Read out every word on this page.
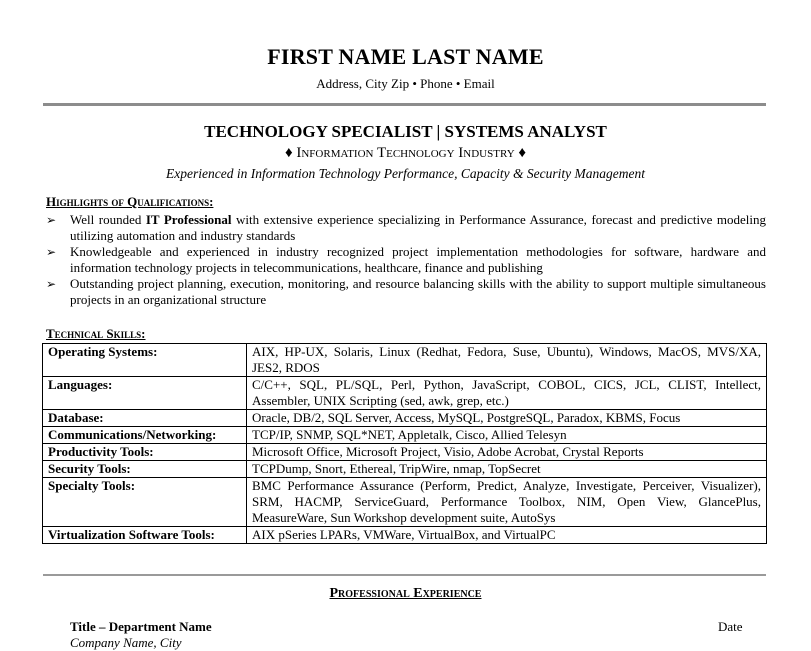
FIRST NAME LAST NAME
Address, City Zip • Phone • Email
TECHNOLOGY SPECIALIST | SYSTEMS ANALYST
♦ Information Technology Industry ♦
Experienced in Information Technology Performance, Capacity & Security Management
Highlights of Qualifications:
➢ Well rounded IT Professional with extensive experience specializing in Performance Assurance, forecast and predictive modeling utilizing automation and industry standards
➢ Knowledgeable and experienced in industry recognized project implementation methodologies for software, hardware and information technology projects in telecommunications, healthcare, finance and publishing
➢ Outstanding project planning, execution, monitoring, and resource balancing skills with the ability to support multiple simultaneous projects in an organizational structure
Technical Skills:
Operating Systems:	AIX, HP-UX, Solaris, Linux (Redhat, Fedora, Suse, Ubuntu), Windows, MacOS, MVS/XA, JES2, RDOS
Languages:	C/C++, SQL, PL/SQL, Perl, Python, JavaScript, COBOL, CICS, JCL, CLIST, Intellect, Assembler, UNIX Scripting (sed, awk, grep, etc.)
Database:	Oracle, DB/2, SQL Server, Access, MySQL, PostgreSQL, Paradox, KBMS, Focus
Communications/Networking:	TCP/IP, SNMP, SQL*NET, Appletalk, Cisco, Allied Telesyn
Productivity Tools:	Microsoft Office, Microsoft Project, Visio, Adobe Acrobat, Crystal Reports
Security Tools:	TCPDump, Snort, Ethereal, TripWire, nmap, TopSecret
Specialty Tools:	BMC Performance Assurance (Perform, Predict, Analyze, Investigate, Perceiver, Visualizer), SRM, HACMP, ServiceGuard, Performance Toolbox, NIM, Open View, GlancePlus, MeasureWare, Sun Workshop development suite, AutoSys
Virtualization Software Tools:	AIX pSeries LPARs, VMWare, VirtualBox, and VirtualPC
Professional Experience
Title – Department Name	Date
Company Name, City
